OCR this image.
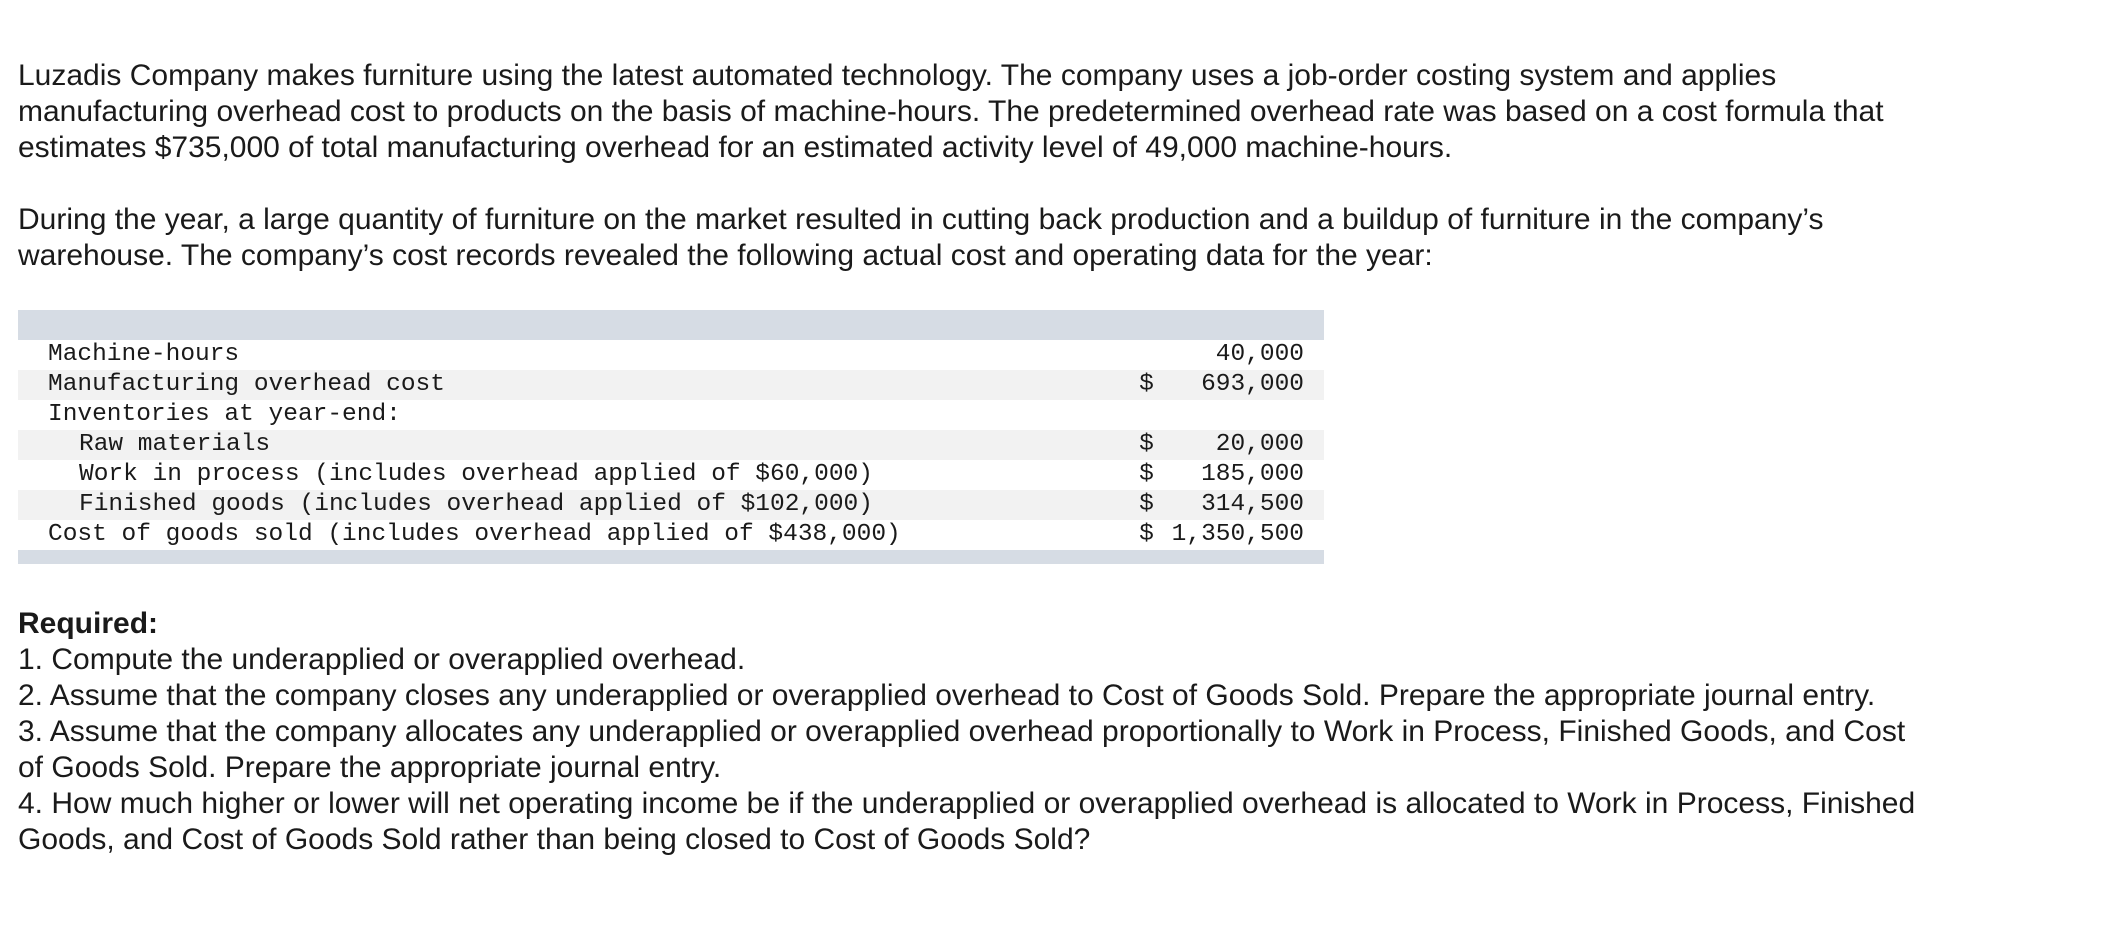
Luzadis Company makes furniture using the latest automated technology. The company uses a job-order costing system and applies manufacturing overhead cost to products on the basis of machine-hours. The predetermined overhead rate was based on a cost formula that estimates $735,000 of total manufacturing overhead for an estimated activity level of 49,000 machine-hours.

During the year, a large quantity of furniture on the market resulted in cutting back production and a buildup of furniture in the company’s warehouse. The company’s cost records revealed the following actual cost and operating data for the year:

Machine-hours		40,000
Manufacturing overhead cost	$	693,000
Inventories at year-end:		
Raw materials	$	20,000
Work in process (includes overhead applied of $60,000)	$	185,000
Finished goods (includes overhead applied of $102,000)	$	314,500
Cost of goods sold (includes overhead applied of $438,000)	$	1,350,500
Required:

1. Compute the underapplied or overapplied overhead.

2. Assume that the company closes any underapplied or overapplied overhead to Cost of Goods Sold. Prepare the appropriate journal entry.

3. Assume that the company allocates any underapplied or overapplied overhead proportionally to Work in Process, Finished Goods, and Cost of Goods Sold. Prepare the appropriate journal entry.

4. How much higher or lower will net operating income be if the underapplied or overapplied overhead is allocated to Work in Process, Finished Goods, and Cost of Goods Sold rather than being closed to Cost of Goods Sold?
